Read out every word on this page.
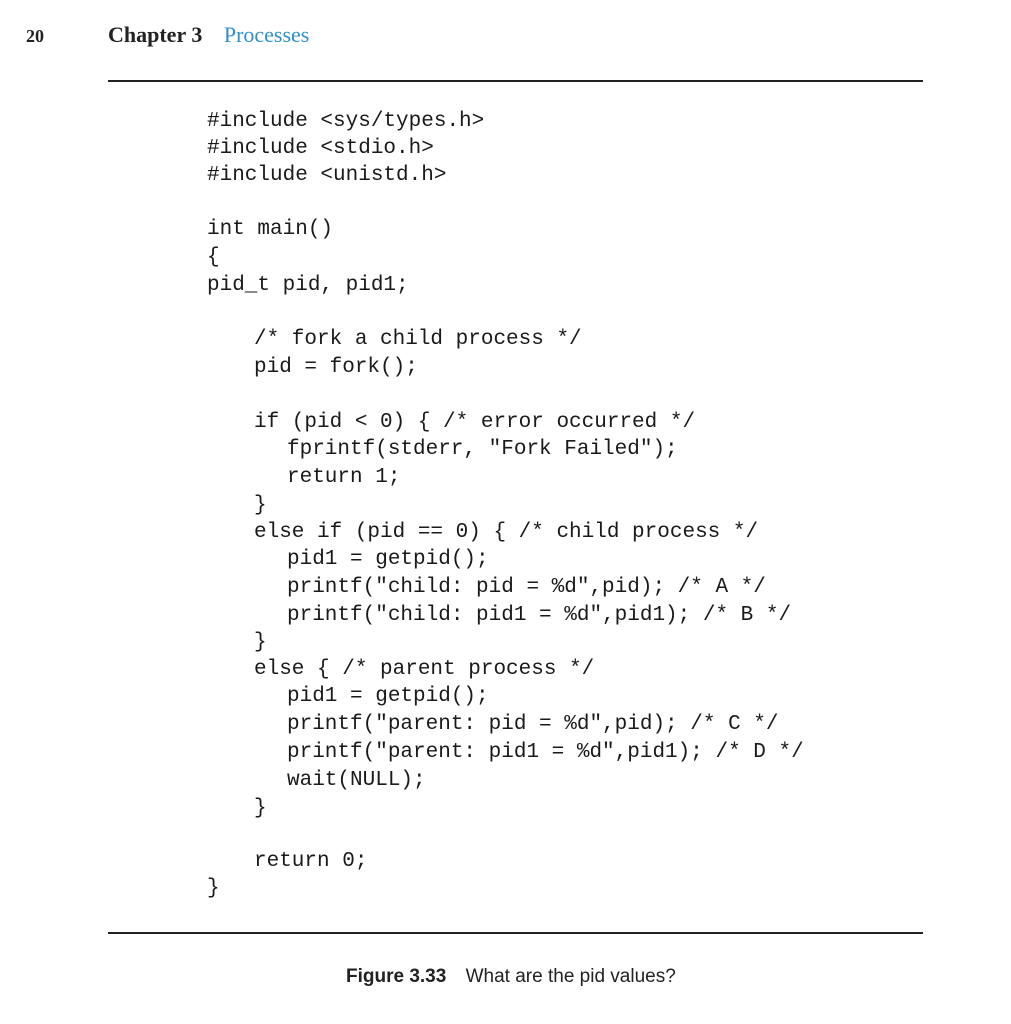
20	Chapter 3 Processes
#include <sys/types.h>
#include <stdio.h>
#include <unistd.h>
int main()
{
pid_t pid, pid1;
/* fork a child process */
pid = fork();
if (pid < 0) { /* error occurred */
fprintf(stderr, "Fork Failed");
return 1;
}
else if (pid == 0) { /* child process */
pid1 = getpid();
printf("child: pid = %d",pid); /* A */
printf("child: pid1 = %d",pid1); /* B */
}
else { /* parent process */
pid1 = getpid();
printf("parent: pid = %d",pid); /* C */
printf("parent: pid1 = %d",pid1); /* D */
wait(NULL);
}
return 0;
}
Figure 3.33 What are the pid values?
